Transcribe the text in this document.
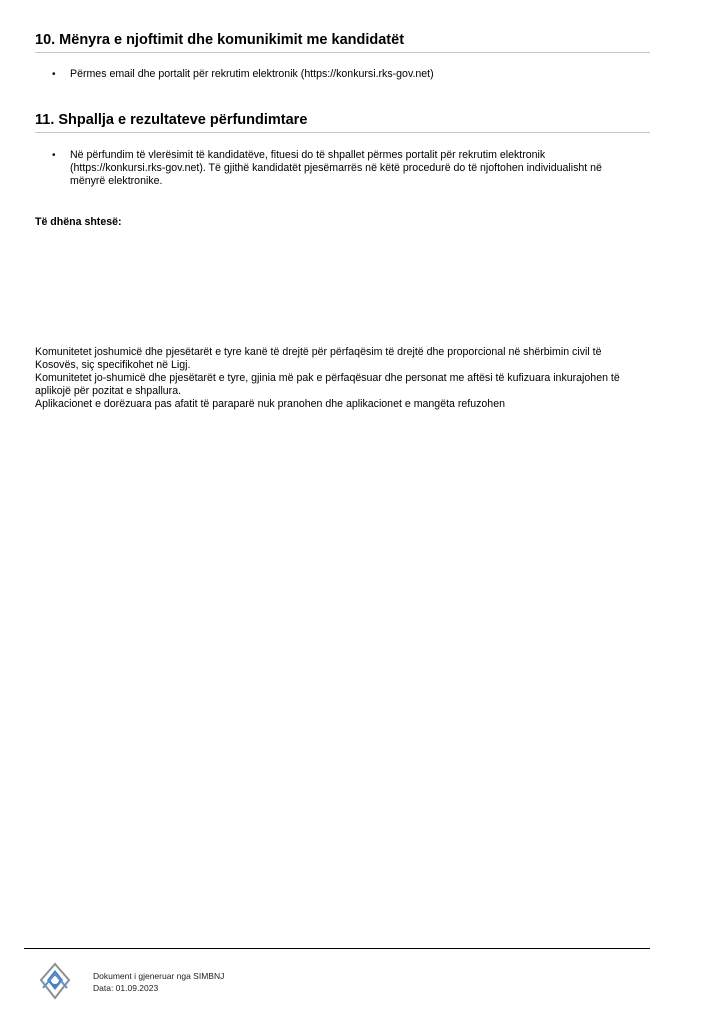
10. Mënyra e njoftimit dhe komunikimit me kandidatët
• Përmes email dhe portalit për rekrutim elektronik (https://konkursi.rks-gov.net)
11. Shpallja e rezultateve përfundimtare
• Në përfundim të vlerësimit të kandidatëve, fituesi do të shpallet përmes portalit për rekrutim elektronik (https://konkursi.rks-gov.net). Të gjithë kandidatët pjesëmarrës në këtë procedurë do të njoftohen individualisht në mënyrë elektronike.
Të dhëna shtesë:

Komunitetet joshumicë dhe pjesëtarët e tyre kanë të drejtë për përfaqësim të drejtë dhe proporcional në shërbimin civil të Kosovës, siç specifikohet në Ligj.

Komunitetet jo-shumicë dhe pjesëtarët e tyre, gjinia më pak e përfaqësuar dhe personat me aftësi të kufizuara inkurajohen të aplikojë për pozitat e shpallura.

Aplikacionet e dorëzuara pas afatit të paraparë nuk pranohen dhe aplikacionet e mangëta refuzohen

Dokument i gjeneruar nga SIMBNJ
Data: 01.09.2023
